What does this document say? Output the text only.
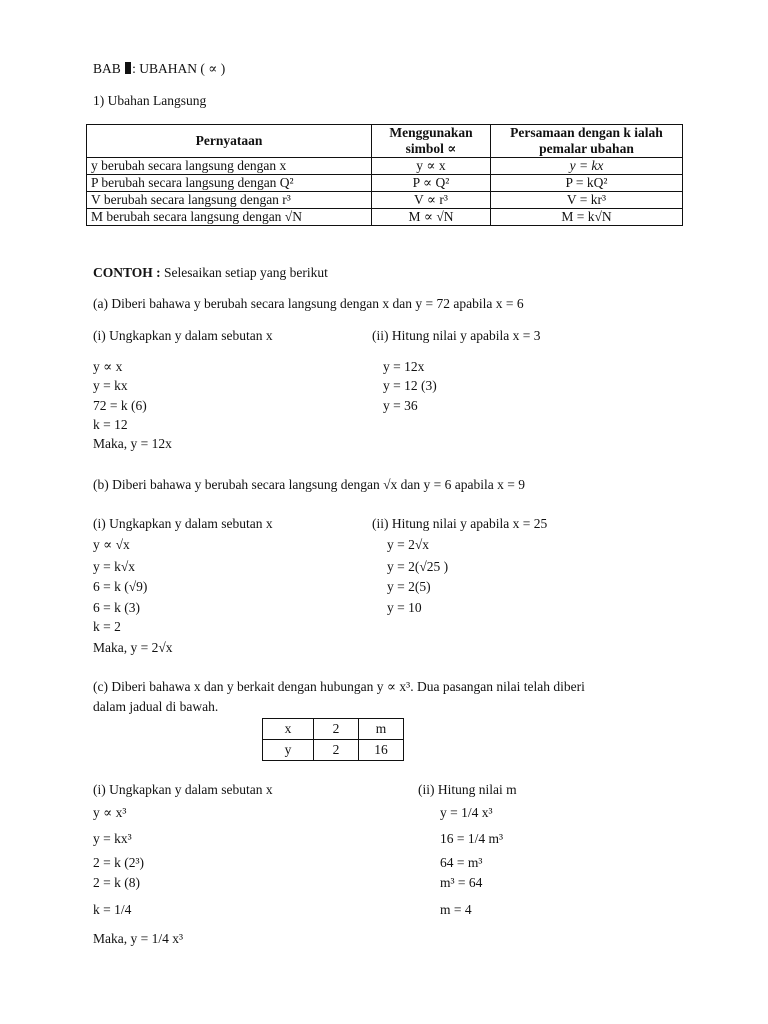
BAB : UBAHAN ( ∝ )
1) Ubahan Langsung
Pernyataan	Menggunakan simbol ∝	Persamaan dengan k ialah pemalar ubahan
y berubah secara langsung dengan x	y ∝ x	y = kx
P berubah secara langsung dengan Q²	P ∝ Q²	P = kQ²
V berubah secara langsung dengan r³	V ∝ r³	V = kr³
M berubah secara langsung dengan √N	M ∝ √N	M = k√N
CONTOH : Selesaikan setiap yang berikut
(a) Diberi bahawa y berubah secara langsung dengan x dan y = 72 apabila x = 6
(i) Ungkapkan y dalam sebutan x	(ii) Hitung nilai y apabila x = 3
y ∝ x
y = kx
72 = k (6)
k = 12
Maka, y = 12x
y = 12x
y = 12 (3)
y = 36
(b) Diberi bahawa y berubah secara langsung dengan √x dan y = 6 apabila x = 9
(i) Ungkapkan y dalam sebutan x	(ii) Hitung nilai y apabila x = 25
y ∝ √x
y = k√x
6 = k (√9)
6 = k (3)
k = 2
Maka, y = 2√x
y = 2√x
y = 2(√25 )
y = 2(5)
y = 10
(c) Diberi bahawa x dan y berkait dengan hubungan y ∝ x³. Dua pasangan nilai telah diberi
dalam jadual di bawah.
x	2	m
y	2	16
(i) Ungkapkan y dalam sebutan x	(ii) Hitung nilai m
y ∝ x³
y = kx³
2 = k (2³)
2 = k (8)
k = 1/4
Maka, y = 1/4 x³
y = 1/4 x³
16 = 1/4 m³
64 = m³
m³ = 64
m = 4
